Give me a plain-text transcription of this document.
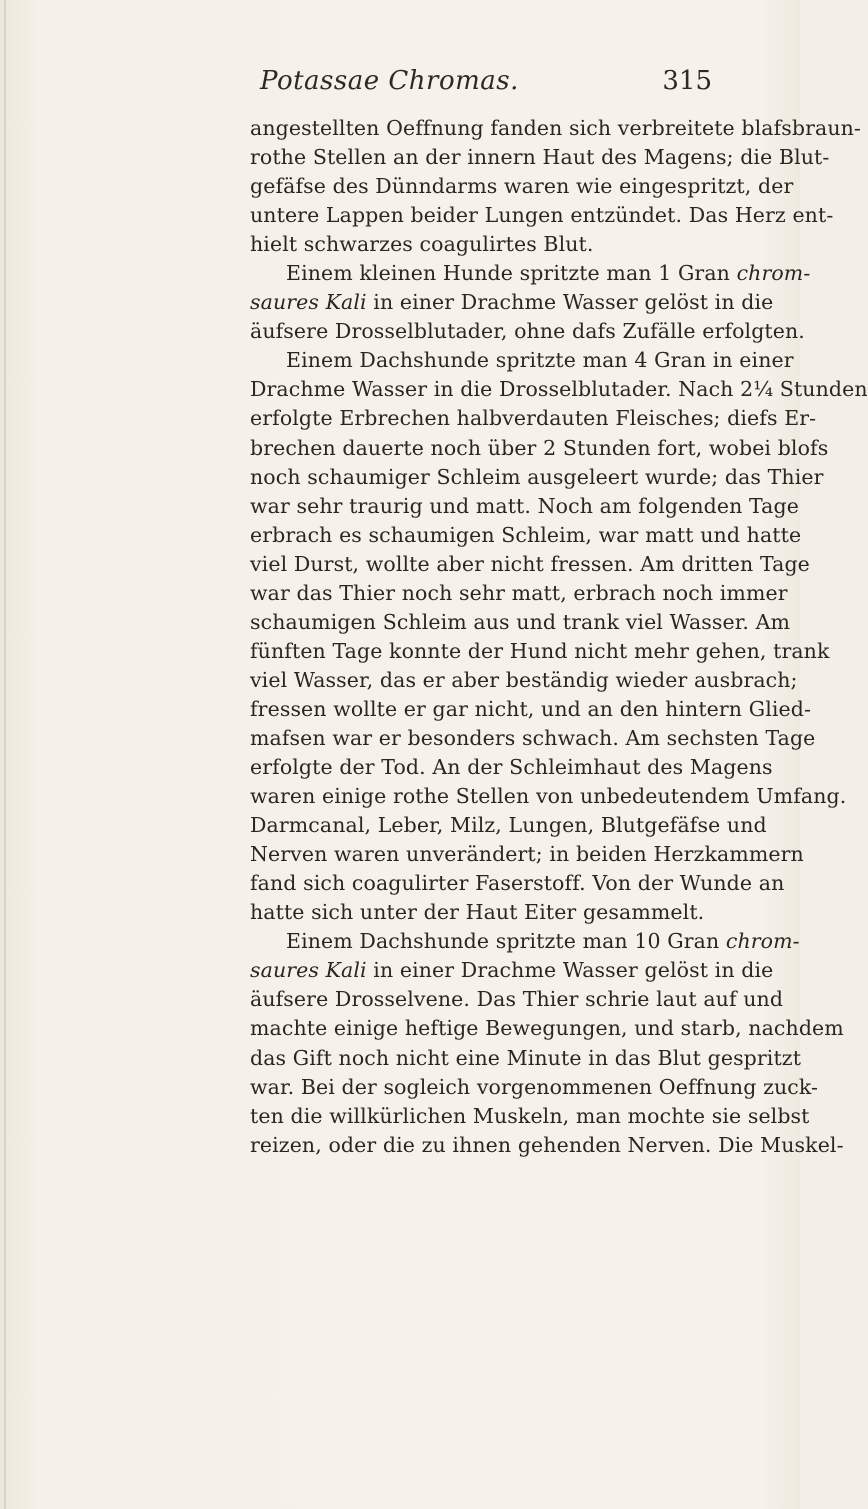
Potassae Chromas.	315
angestellten Oeffnung fanden sich verbreitete blafsbraun-
rothe Stellen an der innern Haut des Magens; die Blut-
gefäfse des Dünndarms waren wie eingespritzt, der
untere Lappen beider Lungen entzündet. Das Herz ent-
hielt schwarzes coagulirtes Blut.
Einem kleinen Hunde spritzte man 1 Gran chrom-
saures Kali in einer Drachme Wasser gelöst in die
äufsere Drosselblutader, ohne dafs Zufälle erfolgten.
Einem Dachshunde spritzte man 4 Gran in einer
Drachme Wasser in die Drosselblutader. Nach 2¼ Stunden
erfolgte Erbrechen halbverdauten Fleisches; diefs Er-
brechen dauerte noch über 2 Stunden fort, wobei blofs
noch schaumiger Schleim ausgeleert wurde; das Thier
war sehr traurig und matt. Noch am folgenden Tage
erbrach es schaumigen Schleim, war matt und hatte
viel Durst, wollte aber nicht fressen. Am dritten Tage
war das Thier noch sehr matt, erbrach noch immer
schaumigen Schleim aus und trank viel Wasser. Am
fünften Tage konnte der Hund nicht mehr gehen, trank
viel Wasser, das er aber beständig wieder ausbrach;
fressen wollte er gar nicht, und an den hintern Glied-
mafsen war er besonders schwach. Am sechsten Tage
erfolgte der Tod. An der Schleimhaut des Magens
waren einige rothe Stellen von unbedeutendem Umfang.
Darmcanal, Leber, Milz, Lungen, Blutgefäfse und
Nerven waren unverändert; in beiden Herzkammern
fand sich coagulirter Faserstoff. Von der Wunde an
hatte sich unter der Haut Eiter gesammelt.
Einem Dachshunde spritzte man 10 Gran chrom-
saures Kali in einer Drachme Wasser gelöst in die
äufsere Drosselvene. Das Thier schrie laut auf und
machte einige heftige Bewegungen, und starb, nachdem
das Gift noch nicht eine Minute in das Blut gespritzt
war. Bei der sogleich vorgenommenen Oeffnung zuck-
ten die willkürlichen Muskeln, man mochte sie selbst
reizen, oder die zu ihnen gehenden Nerven. Die Muskel-
